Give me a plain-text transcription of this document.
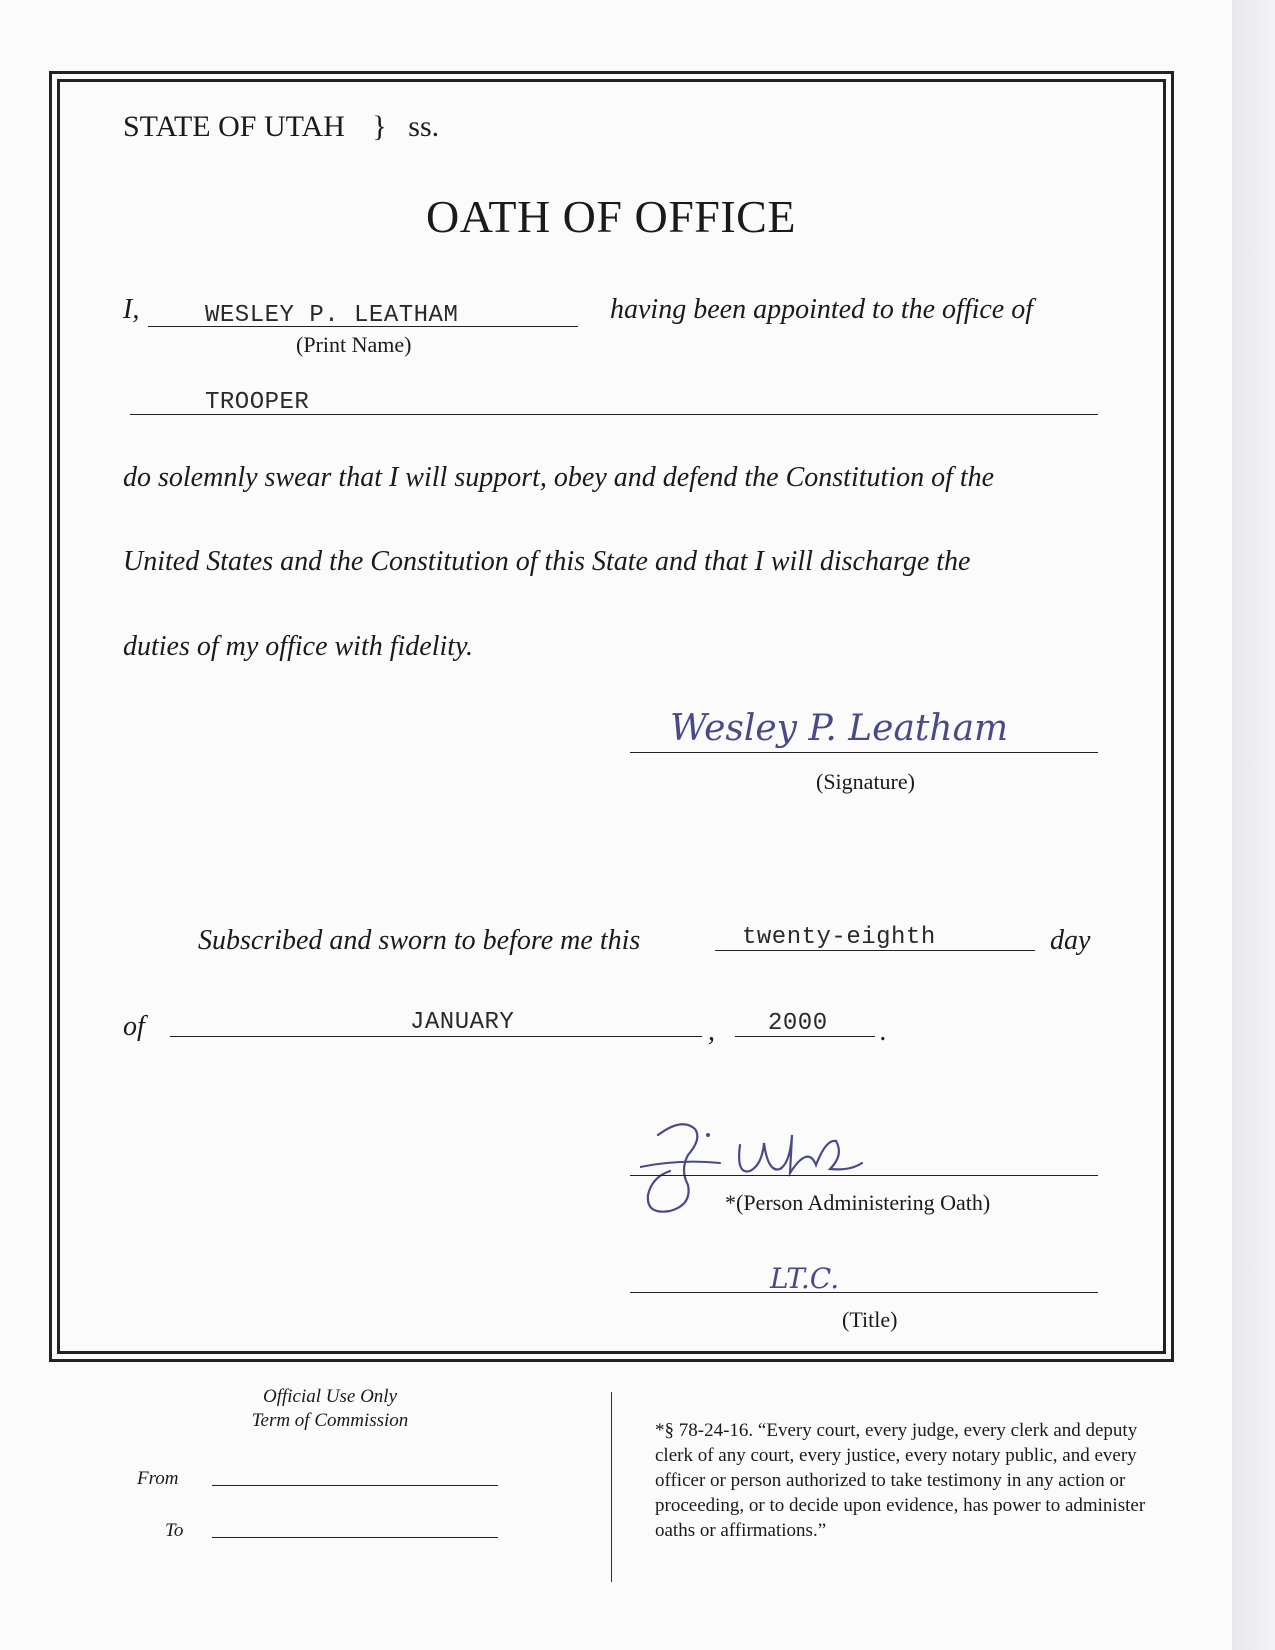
STATE OF UTAH } ss.
OATH OF OFFICE
I,	WESLEY P. LEATHAM
(Print Name)
having been appointed to the office of
TROOPER
do solemnly swear that I will support, obey and defend the Constitution of the
United States and the Constitution of this State and that I will discharge the
duties of my office with fidelity.
Wesley P. Leatham
(Signature)
Subscribed and sworn to before me this	twenty-eighth	day
of	JANUARY	, 2000 .
*(Person Administering Oath)
LT.C.
(Title)
Official Use Only
Term of Commission
From
To
*§ 78-24-16. “Every court, every judge, every clerk and deputy clerk of any court, every justice, every notary public, and every officer or person authorized to take testimony in any action or proceeding, or to decide upon evidence, has power to administer oaths or affirmations.”
